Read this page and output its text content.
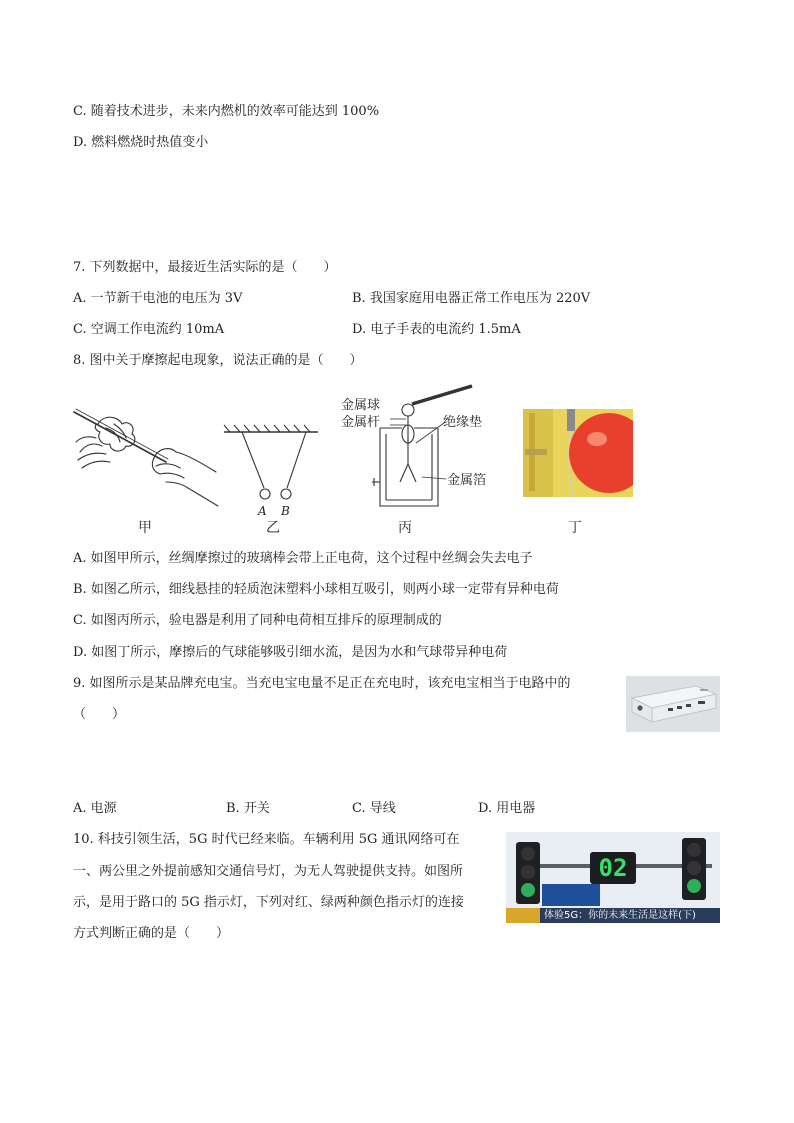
C. 随着技术进步，未来内燃机的效率可能达到 100%
D. 燃料燃烧时热值变小
7. 下列数据中，最接近生活实际的是（　　）
A. 一节新干电池的电压为 3V	B. 我国家庭用电器正常工作电压为 220V
C. 空调工作电流约 10mA	D. 电子手表的电流约 1.5mA
8. 图中关于摩擦起电现象，说法正确的是（　　）
A B
金属球
金属杆	绝缘垫
金属箔
甲	乙	丙	丁
A. 如图甲所示，丝绸摩擦过的玻璃棒会带上正电荷，这个过程中丝绸会失去电子
B. 如图乙所示，细线悬挂的轻质泡沫塑料小球相互吸引，则两小球一定带有异种电荷
C. 如图丙所示，验电器是利用了同种电荷相互排斥的原理制成的
D. 如图丁所示，摩擦后的气球能够吸引细水流，是因为水和气球带异种电荷
9. 如图所示是某品牌充电宝。当充电宝电量不足正在充电时，该充电宝相当于电路中的
（　　）
A. 电源	B. 开关	C. 导线	D. 用电器
10. 科技引领生活，5G 时代已经来临。车辆利用 5G 通讯网络可在
一、两公里之外提前感知交通信号灯，为无人驾驶提供支持。如图所
示，是用于路口的 5G 指示灯，下列对红、绿两种颜色指示灯的连接
方式判断正确的是（　　）
02
体验5G：你的未来生活是这样(下)
